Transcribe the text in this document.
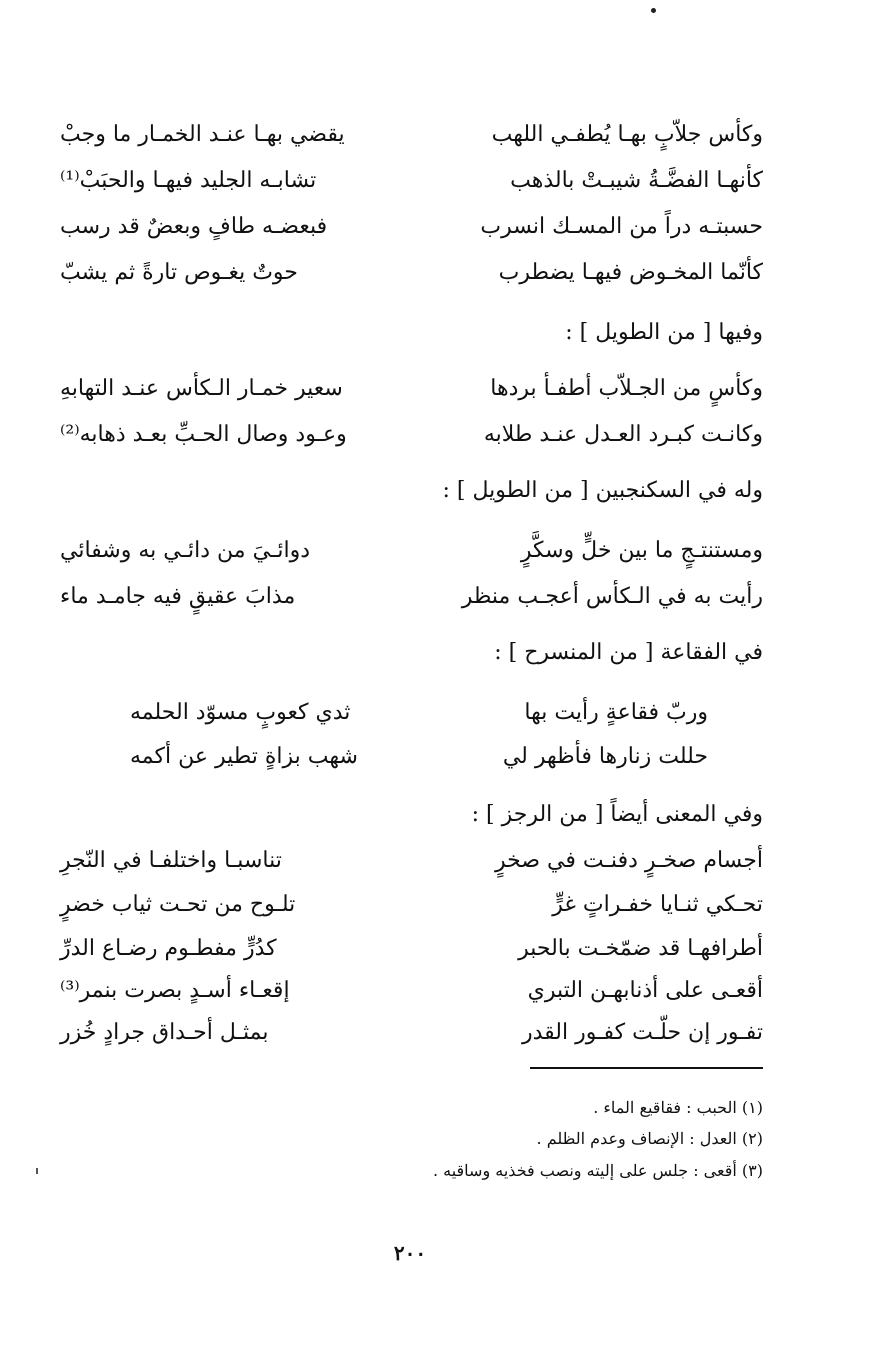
وكأس جلاّبٍ بهـا يُطفـي اللهب
يقضي بهـا عنـد الخمـار ما وجبْ
كأنهـا الفضَّـةُ شيبـتْ بالذهب
تشابـه الجليد فيهـا والحبَبْ⁽¹⁾
حسبتـه دراً من المسـك انسرب
فبعضـه طافٍ وبعضٌ قد رسب
كأنّما المخـوض فيهـا يضطرب
حوتٌ يغـوص تارةً ثم يشبّ
وفيها [ من الطويل ] :
وكأسٍ من الجـلاّب أطفـأ بردها
سعير خمـار الـكأس عنـد التهابهِ
وكانـت كبـرد العـدل عنـد طلابه
وعـود وصال الحـبِّ بعـد ذهابه⁽²⁾
وله في السكنجبين [ من الطويل ] :
ومستنتـجٍ ما بين خلٍّ وسكَّرٍ
دوائـيَ من دائـي به وشفائي
رأيت به في الـكأس أعجـب منظر
مذابَ عقيقٍ فيه جامـد ماء
في الفقاعة [ من المنسرح ] :
وربّ فقاعةٍ رأيت بها
ثدي كعوبٍ مسوّد الحلمه
حللت زنارها فأظهر لي
شهب بزاةٍ تطير عن أكمه
وفي المعنى أيضاً [ من الرجز ] :
أجسام صخـرٍ دفنـت في صخرٍ
تناسبـا واختلفـا في النّجرِ
تحـكي ثنـايا خفـراتٍ غرٍّ
تلـوح من تحـت ثياب خضرٍ
أطرافهـا قد ضمّخـت بالحبر
كدُرٍّ مفطـوم رضـاع الدرِّ
أقعـى على أذنابهـن التبري
إقعـاء أسـدٍ بصرت بنمر⁽³⁾
تفـور إن حلّـت كفـور القدر
بمثـل أحـداق جرادٍ خُزر
(١) الحبب : فقاقيع الماء .
(٢) العدل : الإنصاف وعدم الظلم .
(٣) أقعى : جلس على إليته ونصب فخذيه وساقيه .
٢٠٠
